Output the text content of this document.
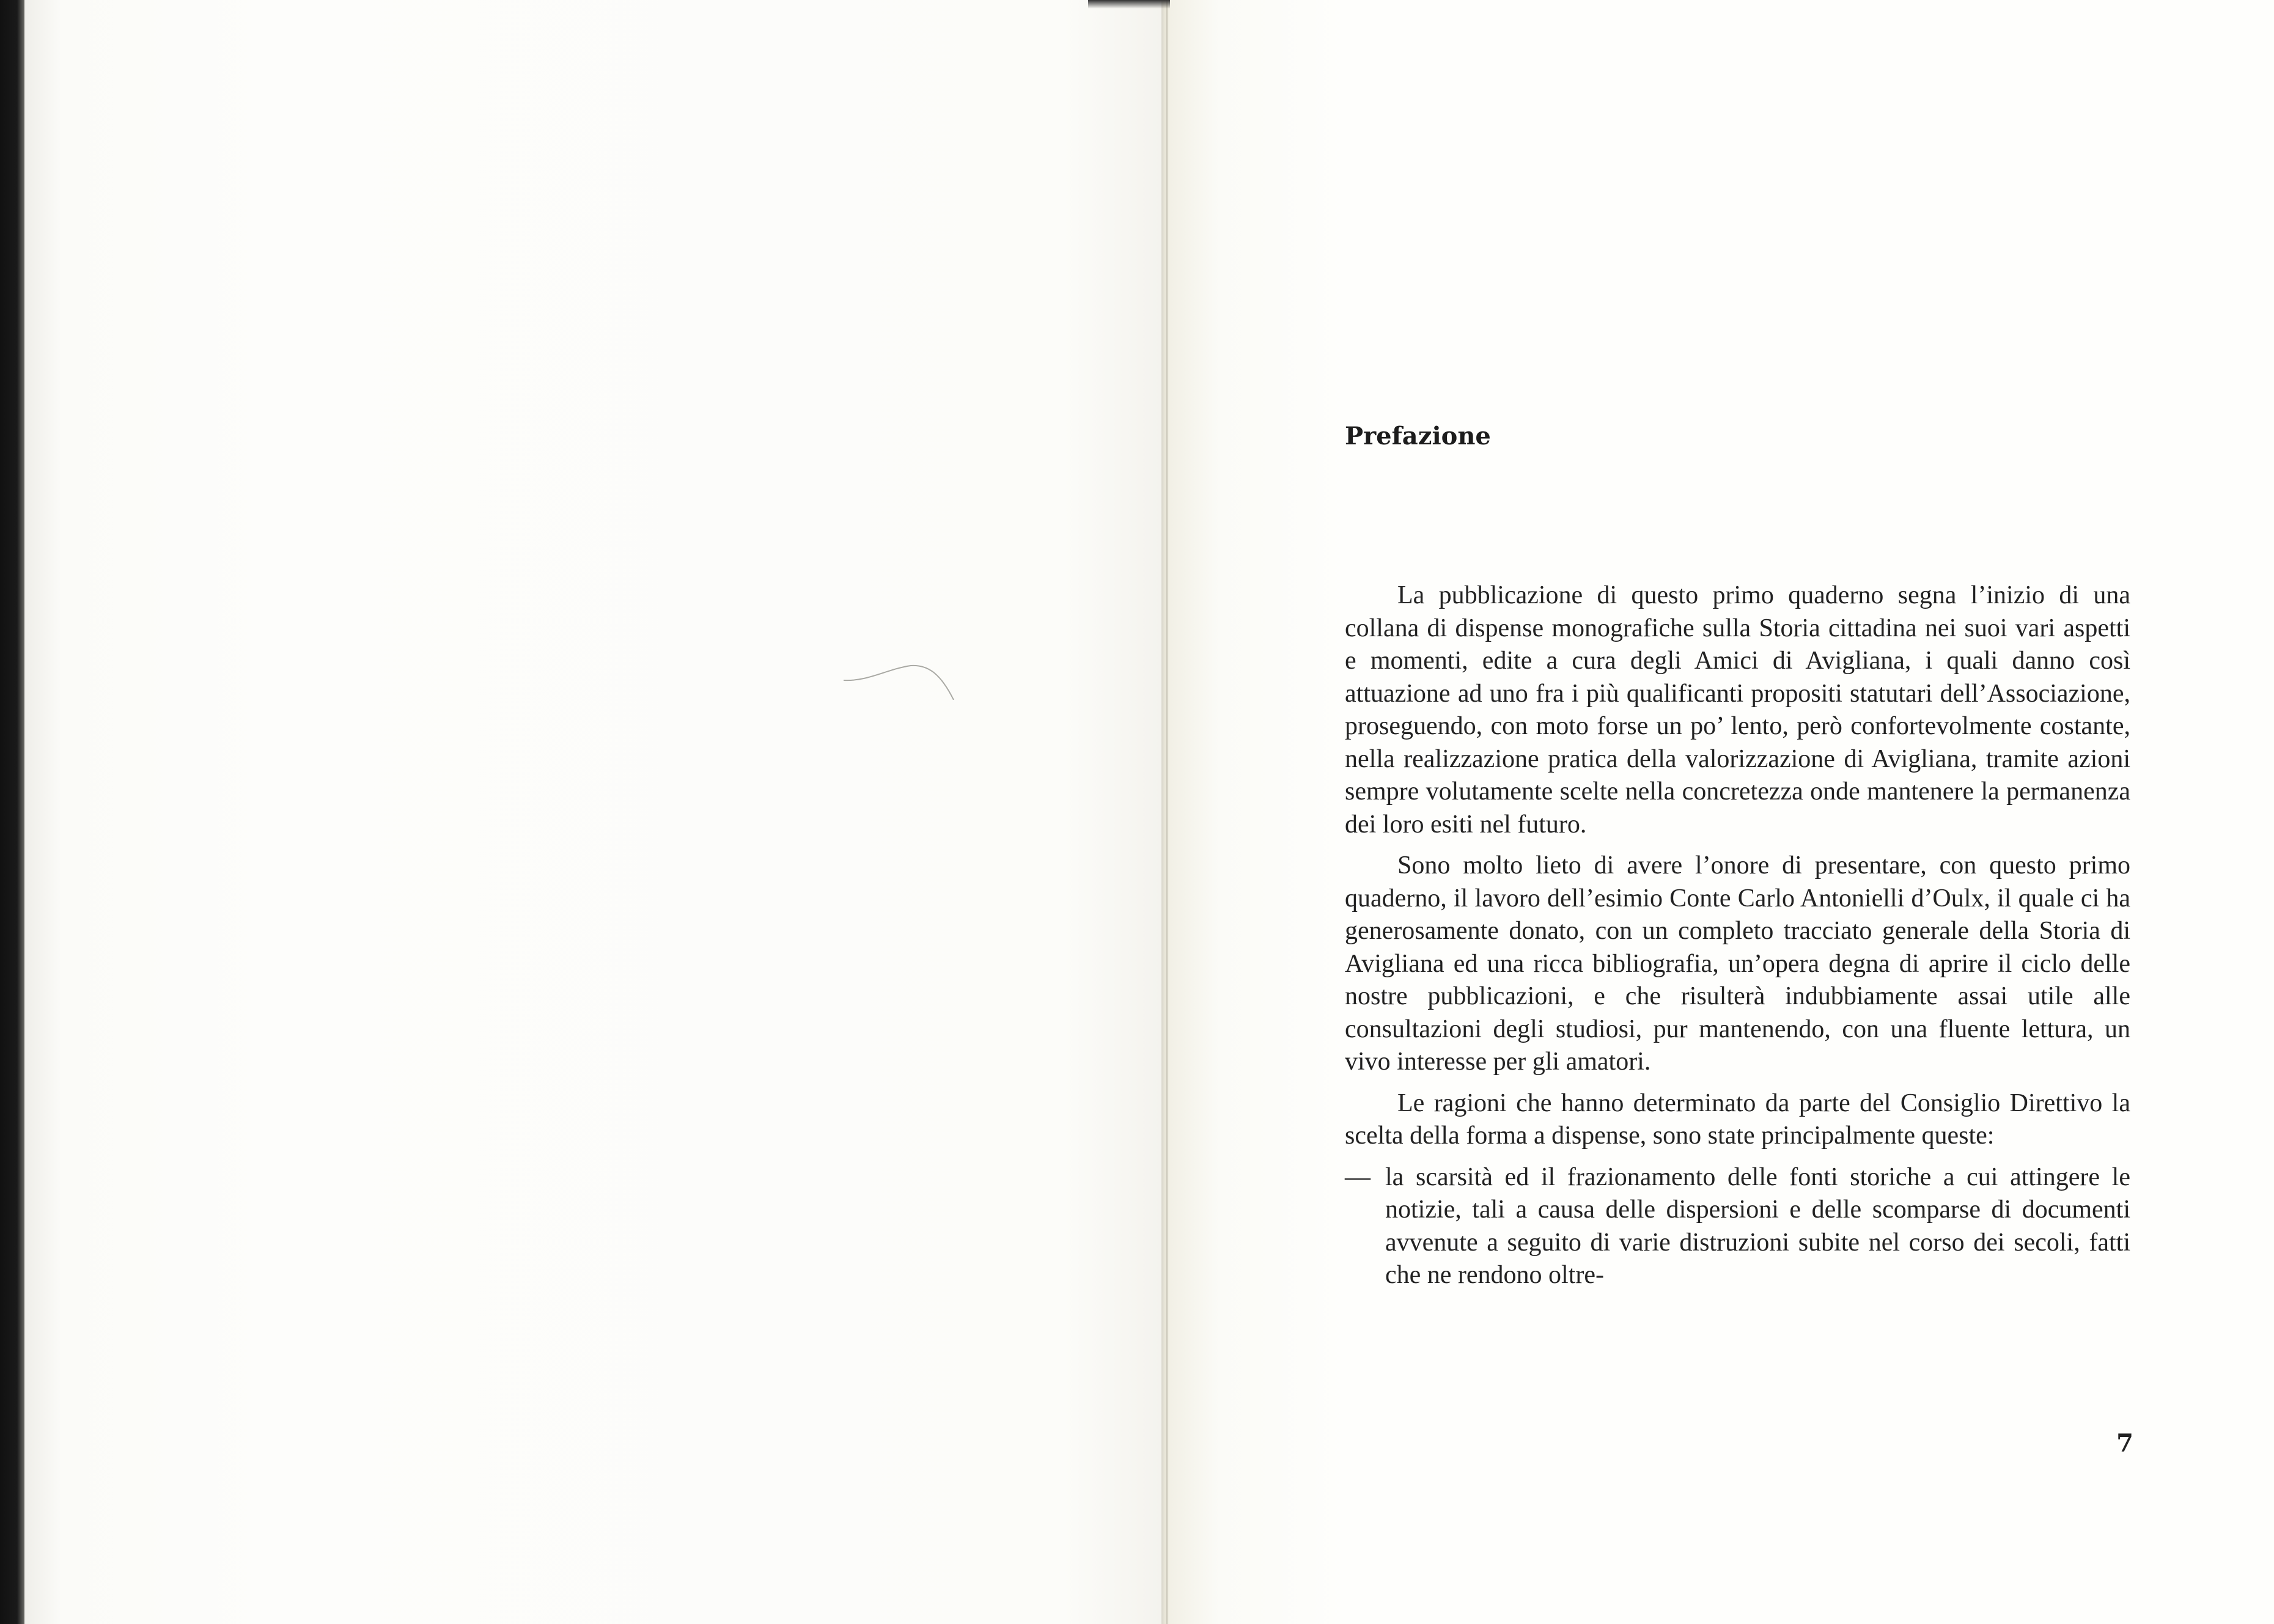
Prefazione

La pubblicazione di questo primo quaderno segna l’inizio di una collana di dispense monografiche sulla Storia cittadina nei suoi vari aspetti e momenti, edite a cura degli Amici di Avigliana, i quali danno così attuazione ad uno fra i più qualificanti propositi statutari dell’Associazione, proseguendo, con moto forse un po’ lento, però confortevolmente costante, nella realizzazione pratica della valorizzazione di Avigliana, tramite azioni sempre volutamente scelte nella concretezza onde mantenere la permanenza dei loro esiti nel futuro.

Sono molto lieto di avere l’onore di presentare, con questo primo quaderno, il lavoro dell’esimio Conte Carlo Antonielli d’Oulx, il quale ci ha generosamente donato, con un completo tracciato generale della Storia di Avigliana ed una ricca bibliografia, un’opera degna di aprire il ciclo delle nostre pubblicazioni, e che risulterà indubbiamente assai utile alle consultazioni degli studiosi, pur mantenendo, con una fluente lettura, un vivo interesse per gli amatori.

Le ragioni che hanno determinato da parte del Consiglio Direttivo la scelta della forma a dispense, sono state principalmente queste:

— la scarsità ed il frazionamento delle fonti storiche a cui attingere le notizie, tali a causa delle dispersioni e delle scomparse di documenti avvenute a seguito di varie distruzioni subite nel corso dei secoli, fatti che ne rendono oltre-

7
